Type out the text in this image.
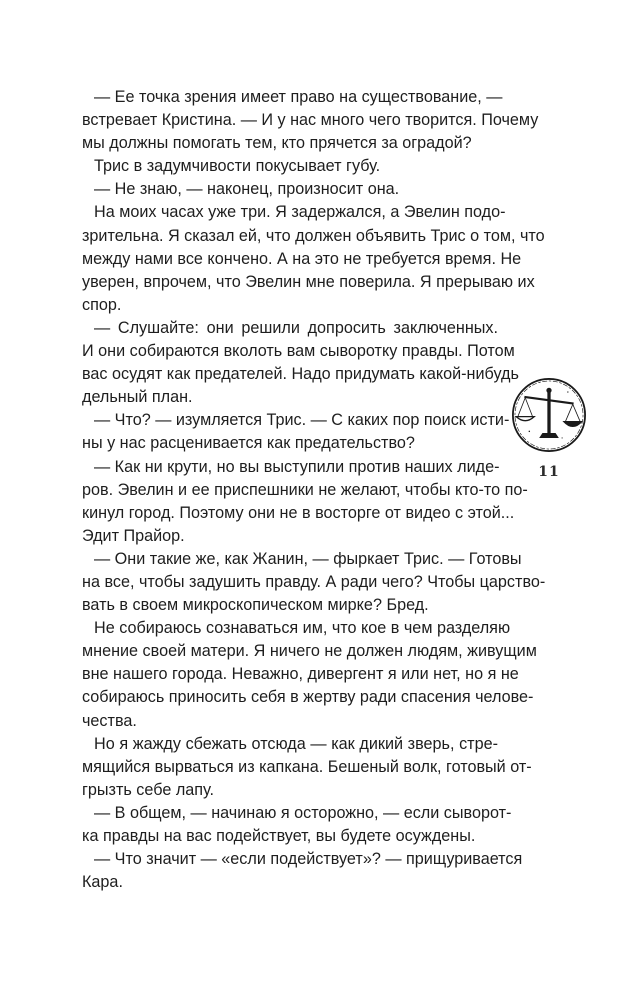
— Ее точка зрения имеет право на существование, —
встревает Кристина. — И у нас много чего творится. Почему
мы должны помогать тем, кто прячется за оградой?
Трис в задумчивости покусывает губу.
— Не знаю, — наконец, произносит она.
На моих часах уже три. Я задержался, а Эвелин подо-
зрительна. Я сказал ей, что должен объявить Трис о том, что
между нами все кончено. А на это не требуется время. Не
уверен, впрочем, что Эвелин мне поверила. Я прерываю их
спор.
— Слушайте: они решили допросить заключенных.
И они собираются вколоть вам сыворотку правды. Потом
вас осудят как предателей. Надо придумать какой-нибудь
дельный план.
— Что? — изумляется Трис. — С каких пор поиск исти-
ны у нас расценивается как предательство?
— Как ни крути, но вы выступили против наших лиде-
ров. Эвелин и ее приспешники не желают, чтобы кто-то по-
кинул город. Поэтому они не в восторге от видео с этой...
Эдит Прайор.
— Они такие же, как Жанин, — фыркает Трис. — Готовы
на все, чтобы задушить правду. А ради чего? Чтобы царство-
вать в своем микроскопическом мирке? Бред.
Не собираюсь сознаваться им, что кое в чем разделяю
мнение своей матери. Я ничего не должен людям, живущим
вне нашего города. Неважно, дивергент я или нет, но я не
собираюсь приносить себя в жертву ради спасения челове-
чества.
Но я жажду сбежать отсюда — как дикий зверь, стре-
мящийся вырваться из капкана. Бешеный волк, готовый от-
грызть себе лапу.
— В общем, — начинаю я осторожно, — если сыворот-
ка правды на вас подействует, вы будете осуждены.
— Что значит — «если подействует»? — прищуривается
Кара.
11
